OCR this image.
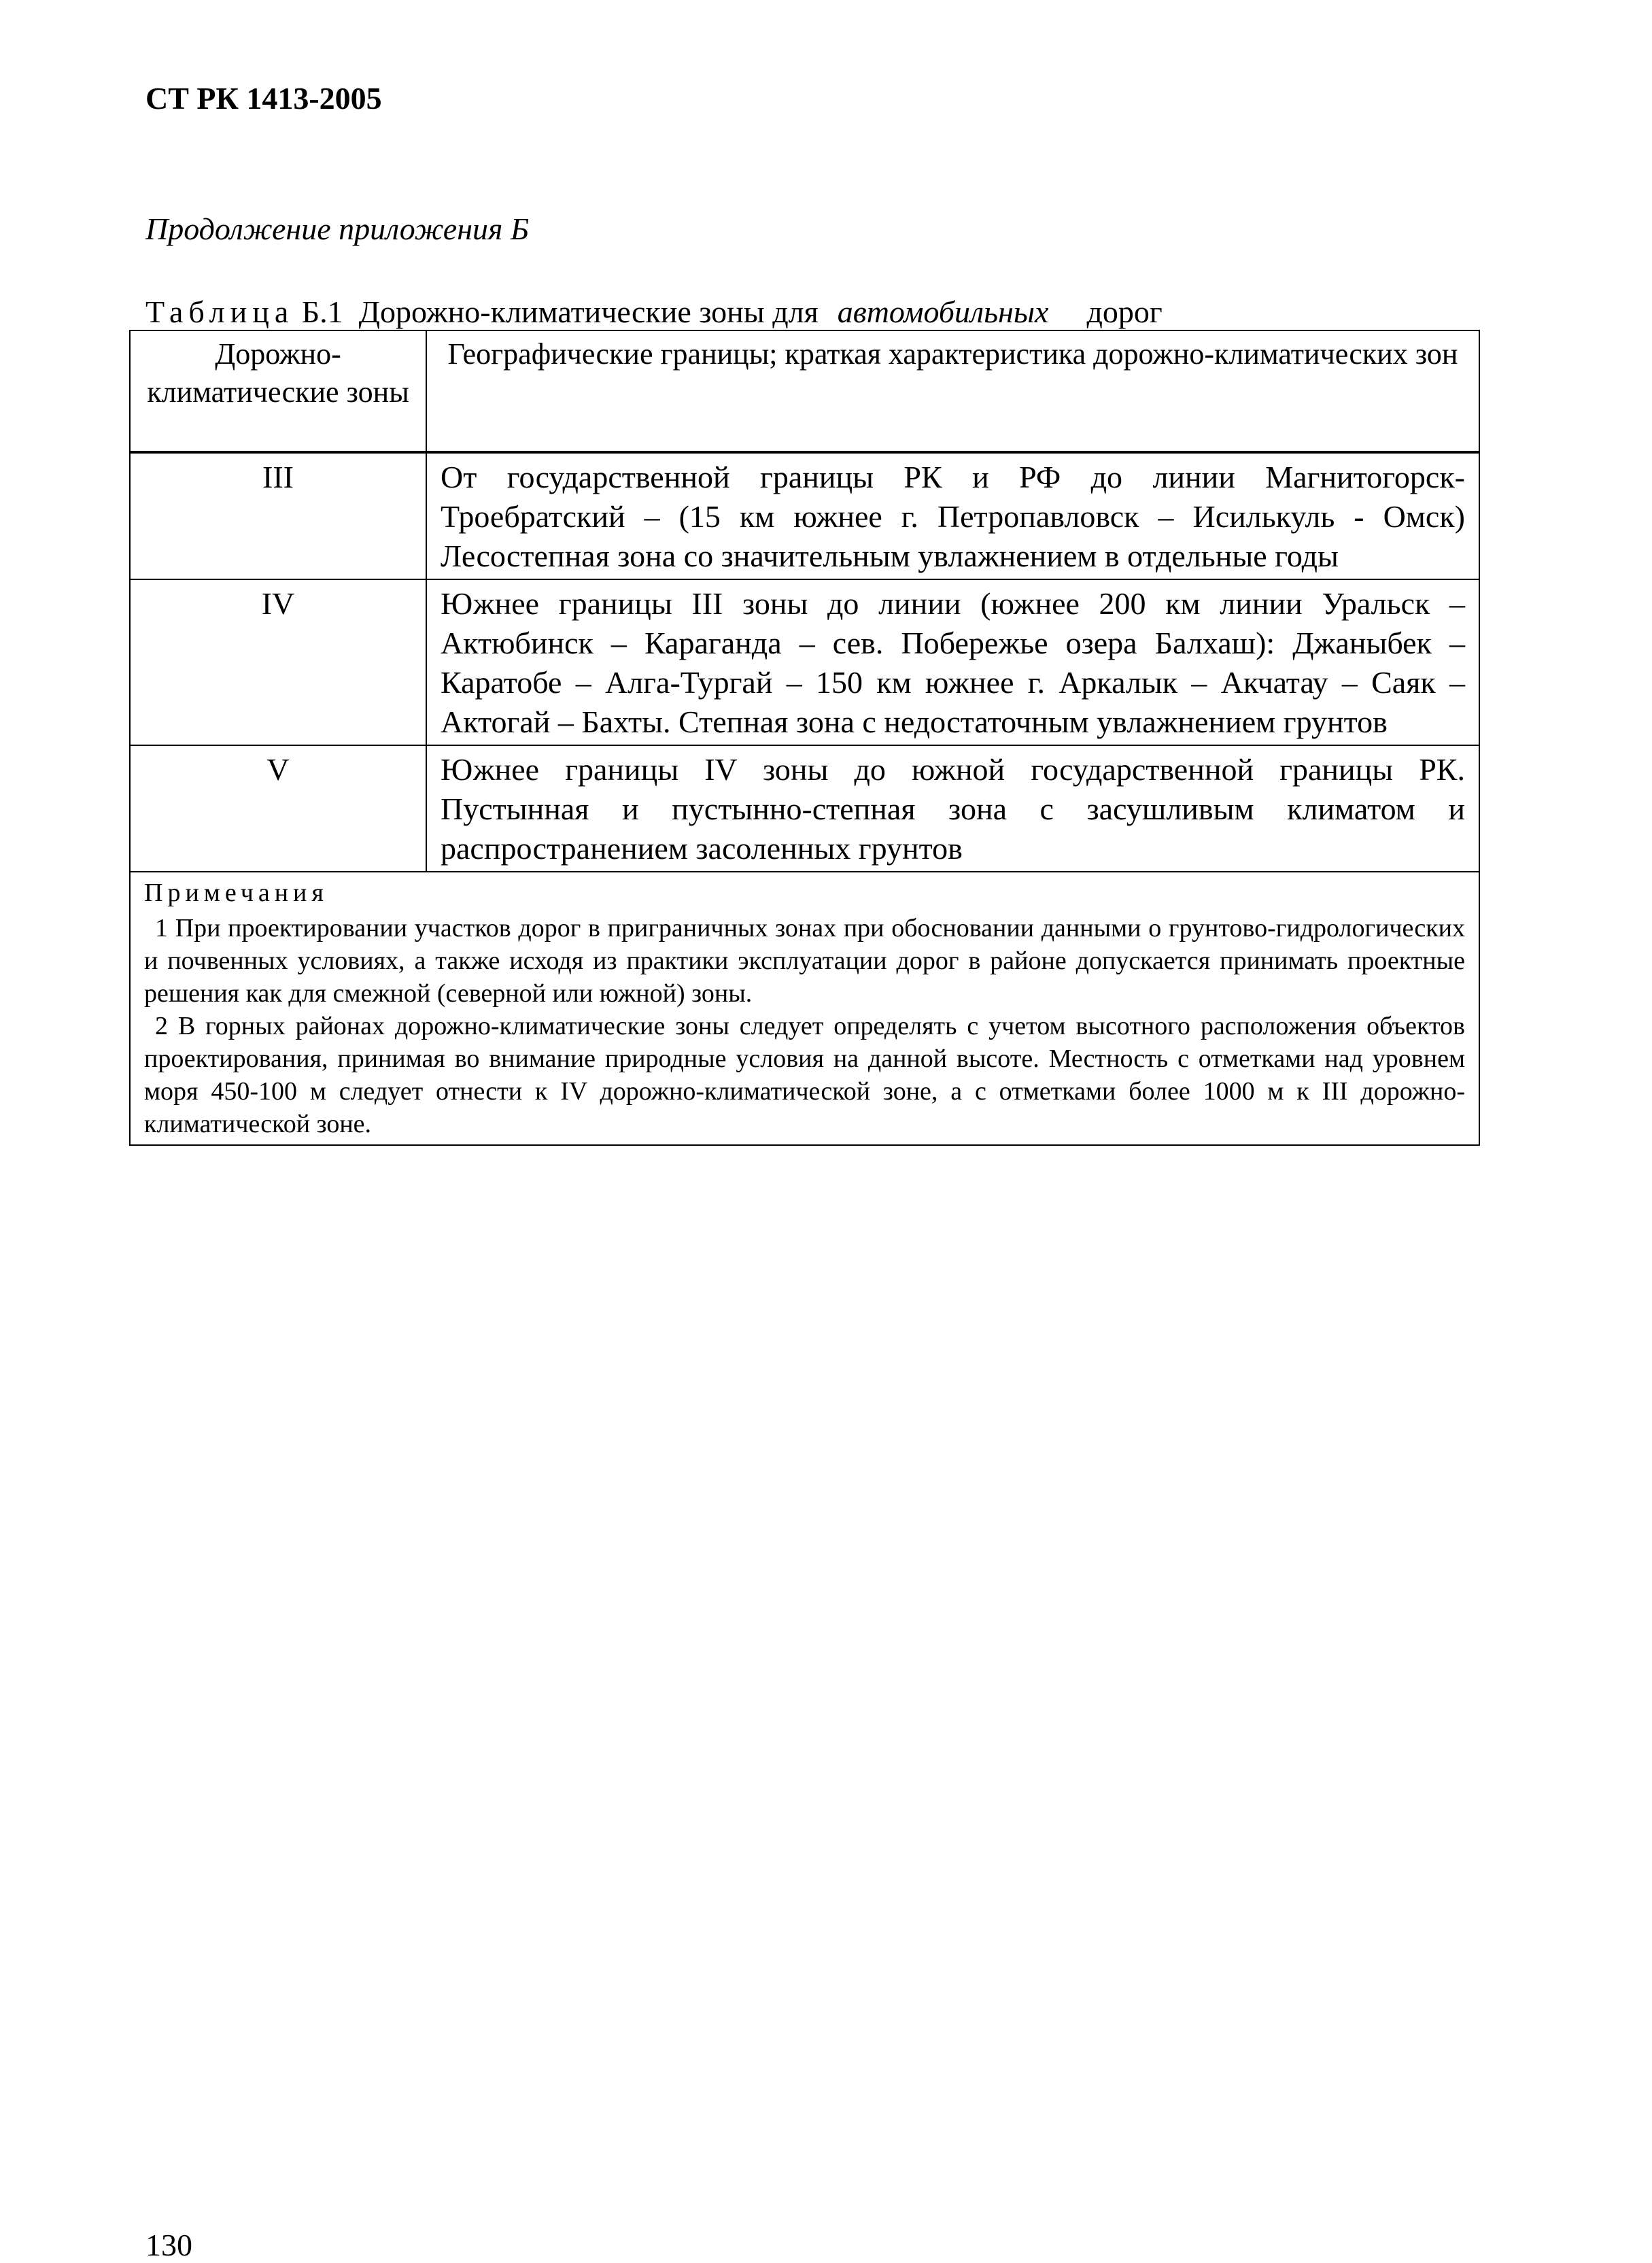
СТ РК 1413-2005

Продолжение приложения Б

Таблица Б.1 Дорожно-климатические зоны для автомобильных дорог

Дорожно-климатические зоны	Географические границы; краткая характеристика дорожно-климатических зон
III	От государственной границы РК и РФ до линии Магнитогорск-Троебратский – (15 км южнее г. Петропавловск – Исилькуль - Омск) Лесостепная зона со значительным увлажнением в отдельные годы
IV	Южнее границы III зоны до линии (южнее 200 км линии Уральск – Актюбинск – Караганда – сев. Побережье озера Балхаш): Джаныбек – Каратобе – Алга-Тургай – 150 км южнее г. Аркалык – Акчатау – Саяк – Актогай – Бахты. Степная зона с недостаточным увлажнением грунтов
V	Южнее границы IV зоны до южной государственной границы РК. Пустынная и пустынно-степная зона с засушливым климатом и распространением засоленных грунтов

Примечания

1 При проектировании участков дорог в приграничных зонах при обосновании данными о грунтово-гидрологических и почвенных условиях, а также исходя из практики эксплуатации дорог в районе допускается принимать проектные решения как для смежной (северной или южной) зоны.

2 В горных районах дорожно-климатические зоны следует определять с учетом высотного расположения объектов проектирования, принимая во внимание природные условия на данной высоте. Местность с отметками над уровнем моря 450-100 м следует отнести к IV дорожно-климатической зоне, а с отметками более 1000 м к III дорожно-климатической зоне.	

130
